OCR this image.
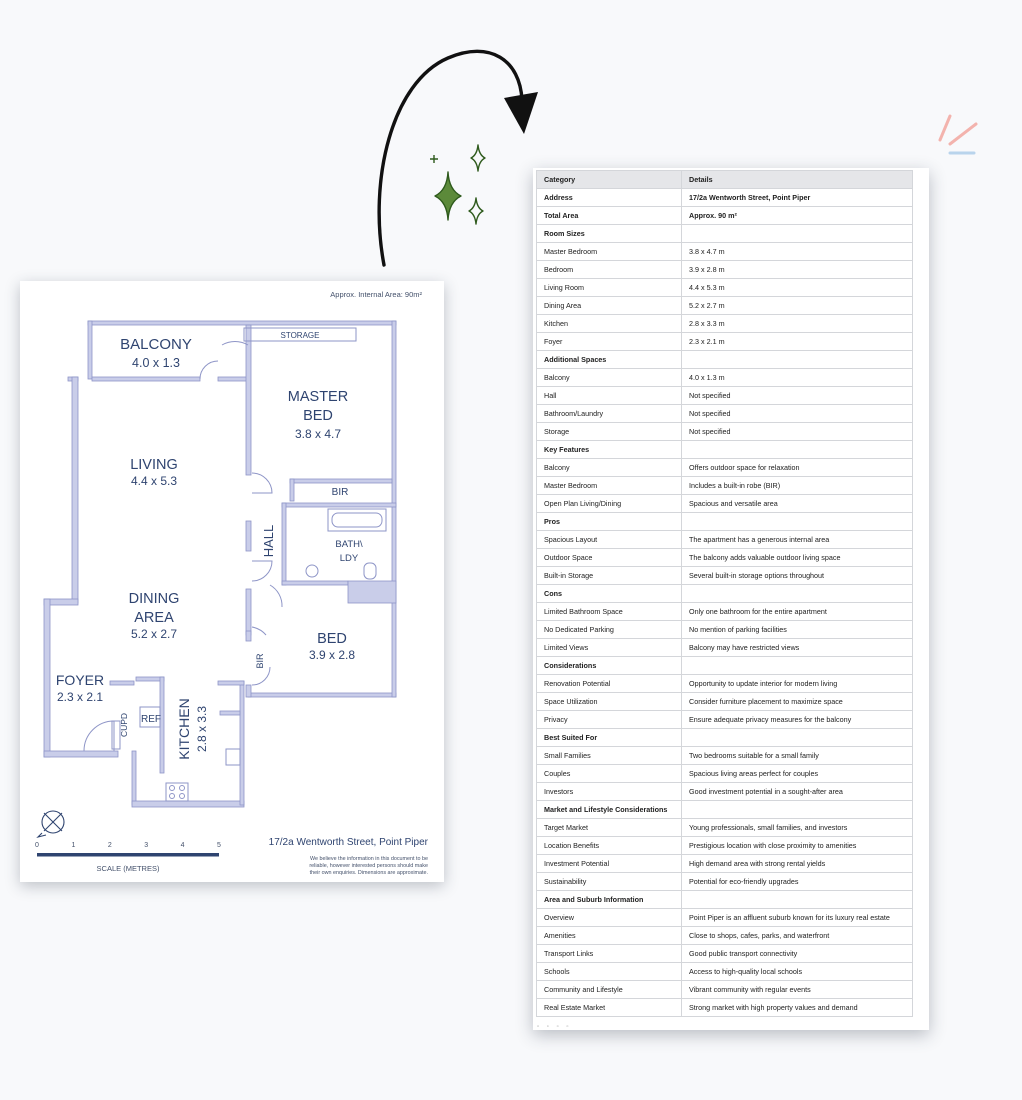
Approx. Internal Area: 90m²
BALCONY
4.0 x 1.3
STORAGE
MASTER
BED
3.8 x 4.7
LIVING
4.4 x 5.3
BIR
HALL	BATH\
LDY
DINING
AREA
5.2 x 2.7	BED
3.9 x 2.8
BIR
FOYER
2.3 x 2.1
CUPD REF KITCHEN 2.8 x 3.3
0	1	2	3	4	5
SCALE (METRES)
17/2a Wentworth Street, Point Piper
We believe the information in this document to be
reliable, however interested persons should make
their own enquiries. Dimensions are approximate.
Category	Details
Address	17/2a Wentworth Street, Point Piper
Total Area	Approx. 90 m²
Room Sizes	
Master Bedroom	3.8 x 4.7 m
Bedroom	3.9 x 2.8 m
Living Room	4.4 x 5.3 m
Dining Area	5.2 x 2.7 m
Kitchen	2.8 x 3.3 m
Foyer	2.3 x 2.1 m
Additional Spaces	
Balcony	4.0 x 1.3 m
Hall	Not specified
Bathroom/Laundry	Not specified
Storage	Not specified
Key Features	
Balcony	Offers outdoor space for relaxation
Master Bedroom	Includes a built-in robe (BIR)
Open Plan Living/Dining	Spacious and versatile area
Pros	
Spacious Layout	The apartment has a generous internal area
Outdoor Space	The balcony adds valuable outdoor living space
Built-in Storage	Several built-in storage options throughout
Cons	
Limited Bathroom Space	Only one bathroom for the entire apartment
No Dedicated Parking	No mention of parking facilities
Limited Views	Balcony may have restricted views
Considerations	
Renovation Potential	Opportunity to update interior for modern living
Space Utilization	Consider furniture placement to maximize space
Privacy	Ensure adequate privacy measures for the balcony
Best Suited For	
Small Families	Two bedrooms suitable for a small family
Couples	Spacious living areas perfect for couples
Investors	Good investment potential in a sought-after area
Market and Lifestyle Considerations	
Target Market	Young professionals, small families, and investors
Location Benefits	Prestigious location with close proximity to amenities
Investment Potential	High demand area with strong rental yields
Sustainability	Potential for eco-friendly upgrades
Area and Suburb Information	
Overview	Point Piper is an affluent suburb known for its luxury real estate
Amenities	Close to shops, cafes, parks, and waterfront
Transport Links	Good public transport connectivity
Schools	Access to high-quality local schools
Community and Lifestyle	Vibrant community with regular events
Real Estate Market	Strong market with high property values and demand
▫ ▫ ▫ ▫
